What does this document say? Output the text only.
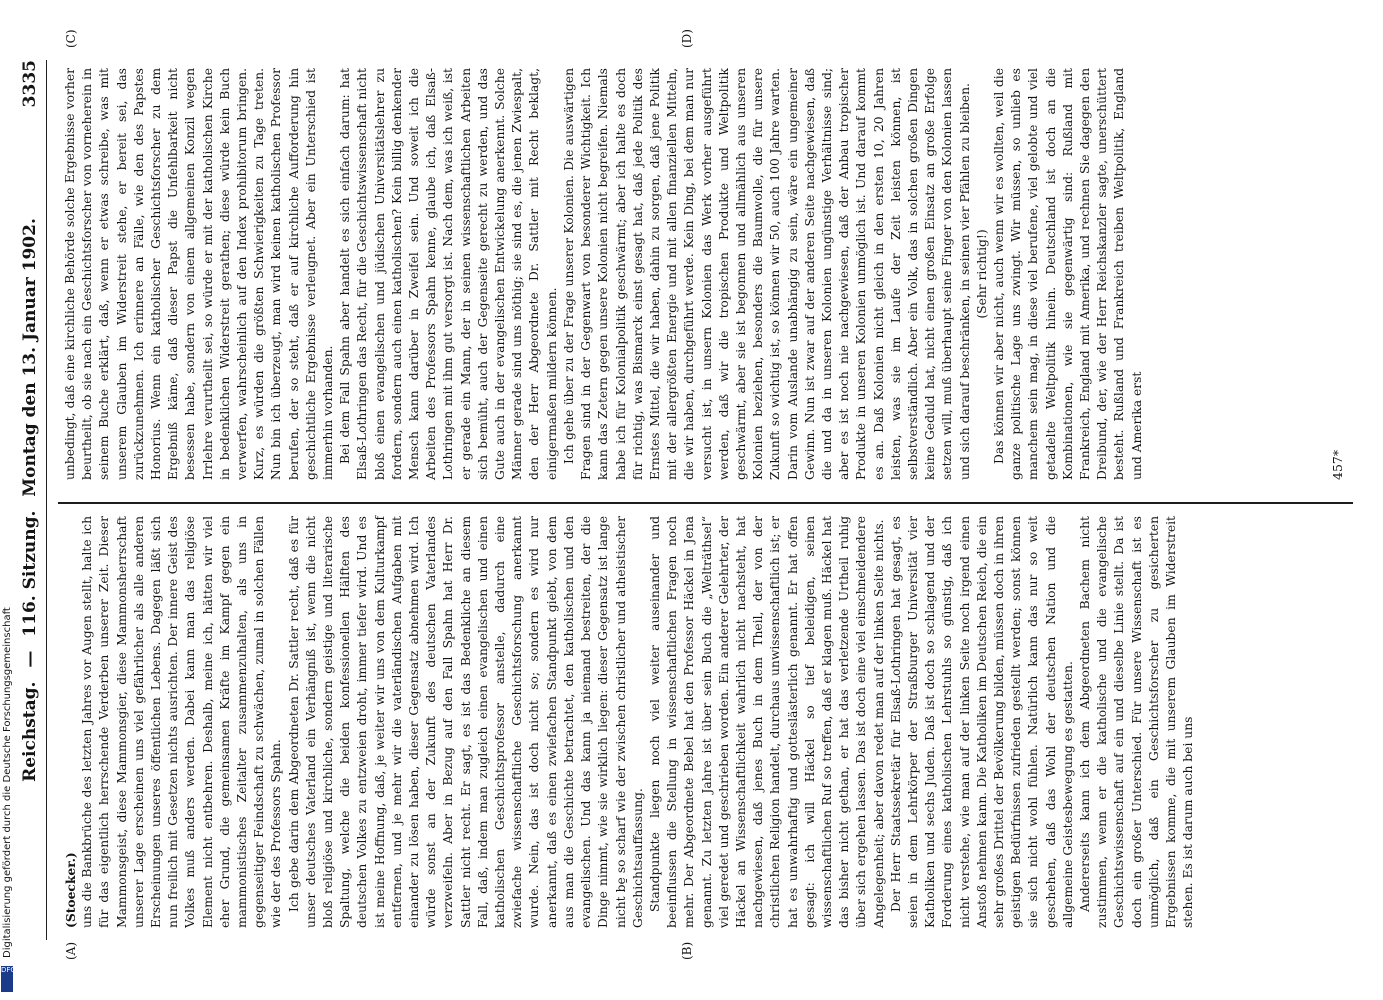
Digitalisierung gefördert durch die Deutsche Forschungsgemeinschaft
DFG
Reichstag. — 116. Sitzung. Montag den 13. Januar 1902.
3335
(A)
(C)
(B)
(D)

(Stoecker.) uns die Bankbrüche des letzten Jahres vor Augen stellt, halte ich für das eigentlich herrschende Verderben unserer Zeit. Dieser Mammonsgeist, diese Mammonsgier, diese Mammonsherrschaft unserer Lage erscheinen uns viel gefährlicher als alle anderen Erscheinungen unseres öffentlichen Lebens. Dagegen läßt sich nun freilich mit Gesetzen nichts ausrichten. Der innere Geist des Volkes muß anders werden. Dabei kann man das religiöse Element nicht entbehren. Deshalb, meine ich, hätten wir viel eher Grund, die gemeinsamen Kräfte im Kampf gegen ein mammonistisches Zeitalter zusammenzuhalten, als uns in gegenseitiger Feindschaft zu schwächen, zumal in solchen Fällen wie der des Professors Spahn. Ich gebe darin dem Abgeordneten Dr. Sattler recht, daß es für unser deutsches Vaterland ein Verhängniß ist, wenn die nicht bloß religiöse und kirchliche, sondern geistige und literarische Spaltung, welche die beiden konfessionellen Hälften des deutschen Volkes zu entzweien droht, immer tiefer wird. Und es ist meine Hoffnung, daß, je weiter wir uns von dem Kulturkampf entfernen, und je mehr wir die vaterländischen Aufgaben mit einander zu lösen haben, dieser Gegensatz abnehmen wird. Ich würde sonst an der Zukunft des deutschen Vaterlandes verzweifeln. Aber in Bezug auf den Fall Spahn hat Herr Dr. Sattler nicht recht. Er sagt, es ist das Bedenkliche an diesem Fall, daß, indem man zugleich einen evangelischen und einen katholischen Geschichtsprofessor anstelle, dadurch eine zwiefache wissenschaftliche Geschichtsforschung anerkannt wurde. Nein, das ist doch nicht so; sondern es wird nur anerkannt, daß es einen zwiefachen Standpunkt giebt, von dem aus man die Geschichte betrachtet, den katholischen und den evangelischen. Und das kann ja niemand bestreiten, der die Dinge nimmt, wie sie wirklich liegen: dieser Gegensatz ist lange nicht be̱ so scharf wie der zwischen christlicher und atheistischer Geschichtsauffassung. Standpunkte liegen noch viel weiter auseinander und beeinflussen die Stellung in wissenschaftlichen Fragen noch mehr. Der Abgeordnete Bebel hat den Professor Häckel in Jena genannt. Zu letzten Jahre ist über sein Buch die „Welträthsel“ viel geredet und geschrieben worden. Ein anderer Gelehrter, der Häckel an Wissenschaftlichkeit wahrlich nicht nachsteht, hat nachgewiesen, daß jenes Buch in dem Theil, der von der christlichen Religion handelt, durchaus unwissenschaftlich ist; er hat es unwahrhaftig und gotteslästerlich genannt. Er hat offen gesagt: ich will Häckel so tief beleidigen, seinen wissenschaftlichen Ruf so treffen, daß er klagen muß. Häckel hat das bisher nicht gethan, er hat das verletzende Urtheil ruhig über sich ergehen lassen. Das ist doch eine viel einschneidendere Angelegenheit; aber davon redet man auf der linken Seite nichts. Der Herr Staatssekretär für Elsaß-Lothringen hat gesagt, es seien in dem Lehrkörper der Straßburger Universität vier Katholiken und sechs Juden. Daß ist doch so schlagend und der Forderung eines katholischen Lehrstuhls so günstig, daß ich nicht verstehe, wie man auf der linken Seite noch irgend einen Anstoß nehmen kann. Die Katholiken im Deutschen Reich, die ein sehr großes Drittel der Bevölkerung bilden, müssen doch in ihren geistigen Bedürfnissen zufrieden gestellt werden; sonst können sie sich nicht wohl fühlen. Natürlich kann das nur so weit geschehen, daß das Wohl der deutschen Nation und die allgemeine Geistesbewegung es gestatten. Andererseits kann ich dem Abgeordneten Bachem nicht zustimmen, wenn er die katholische und die evangelische Geschichtswissenschaft auf ein und dieselbe Linie stellt. Da ist doch ein großer Unterschied. Für unsere Wissenschaft ist es unmöglich, daß ein Geschichtsforscher zu gesicherten Ergebnissen komme, die mit unserem Glauben im Widerstreit stehen. Es ist darum auch bei uns

unbedingt, daß eine kirchliche Behörde solche Ergebnisse vorher beurtheilt, ob sie nach ein Geschichtsforscher von vorneherein in seinem Buche erklärt, daß, wenn er etwas schreibe, was mit unserem Glauben im Widerstreit stehe, er bereit sei, das zurückzunehmen. Ich erinnere an Fälle, wie den des Papstes Honorius. Wenn ein katholischer Geschichtsforscher zu dem Ergebniß käme, daß dieser Papst die Unfehlbarkeit nicht besessen habe, sondern von einem allgemeinen Konzil wegen Irrlehre verurtheilt sei, so würde er mit der katholischen Kirche in bedenklichen Widerstreit gerathen; diese würde kein Buch verwerfen, wahrscheinlich auf den Index prohibitorum bringen. Kurz, es würden die größten Schwierigkeiten zu Tage treten. Nun bin ich überzeugt, man wird keinen katholischen Professor berufen, der so steht, daß er auf kirchliche Aufforderung hin geschichtliche Ergebnisse verleugnet. Aber ein Unterschied ist immerhin vorhanden. Bei dem Fall Spahn aber handelt es sich einfach darum: hat Elsaß-Lothringen das Recht, für die Geschichtswissenschaft nicht bloß einen evangelischen und jüdischen Universitätslehrer zu fordern, sondern auch einen katholischen? Kein billig denkender Mensch kann darüber in Zweifel sein. Und soweit ich die Arbeiten des Professors Spahn kenne, glaube ich, daß Elsaß-Lothringen mit ihm gut versorgt ist. Nach dem, was ich weiß, ist er gerade ein Mann, der in seinen wissenschaftlichen Arbeiten sich bemüht, auch der Gegenseite gerecht zu werden, und das Gute auch in der evangelischen Entwickelung anerkennt. Solche Männer gerade sind uns nöthig; sie sind es, die jenen Zwiespalt, den der Herr Abgeordnete Dr. Sattler mit Recht beklagt, einigermaßen mildern können. Ich gehe über zu der Frage unserer Kolonien. Die auswärtigen Fragen sind in der Gegenwart von besonderer Wichtigkeit. Ich kann das Zetern gegen unsere Kolonien nicht begreifen. Niemals habe ich für Kolonialpolitik geschwärmt; aber ich halte es doch für richtig, was Bismarck einst gesagt hat, daß jede Politik des Ernstes Mittel, die wir haben, dahin zu sorgen, daß jene Politik mit der allergrößten Energie und mit allen finanziellen Mitteln, die wir haben, durchgeführt werde. Kein Ding, bei dem man nur versucht ist, in unsern Kolonien das Werk vorher ausgeführt werden, daß wir die tropischen Produkte und Weltpolitik geschwärmt, aber sie ist begonnen und allmählich aus unseren Kolonien beziehen, besonders die Baumwolle, die für unsere Zukunft so wichtig ist, so können wir 50, auch 100 Jahre warten. Darin vom Auslande unabhängig zu sein, wäre ein ungemeiner Gewinn. Nun ist zwar auf der anderen Seite nachgewiesen, daß die und da in unseren Kolonien ungünstige Verhältnisse sind; aber es ist noch nie nachgewiesen, daß der Anbau tropischer Produkte in unseren Kolonien unmöglich ist. Und darauf kommt es an. Daß Kolonien nicht gleich in den ersten 10, 20 Jahren leisten, was sie im Laufe der Zeit leisten können, ist selbstverständlich. Aber ein Volk, das in solchen großen Dingen keine Geduld hat, nicht einen großen Einsatz an große Erfolge setzen will, muß überhaupt seine Finger von den Kolonien lassen und sich darauf beschränken, in seinen vier Pfählen zu bleiben. (Sehr richtig!) Das können wir aber nicht, auch wenn wir es wollten, weil die ganze politische Lage uns zwingt. Wir müssen, so unlieb es manchem sein mag, in diese viel berufene, viel gelobte und viel getadelte Weltpolitik hinein. Deutschland ist doch an die Kombinationen, wie sie gegenwärtig sind: Rußland mit Frankreich, England mit Amerika, und rechnen Sie dagegen den Dreibund, der, wie der Herr Reichskanzler sagte, unerschüttert besteht. Rußland und Frankreich treiben Weltpolitik, England und Amerika erst	457*
